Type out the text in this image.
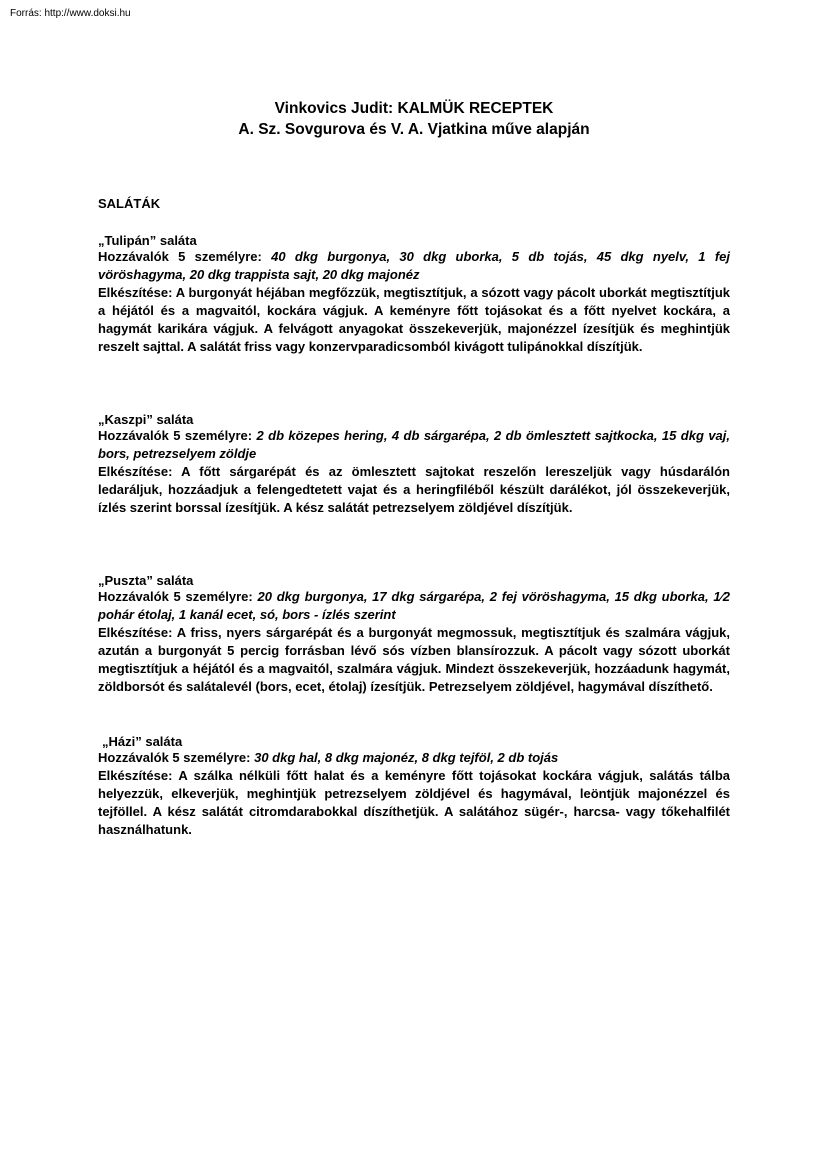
Forrás: http://www.doksi.hu
Vinkovics Judit: KALMÜK RECEPTEK
A. Sz. Sovgurova és V. A. Vjatkina műve alapján
SALÁTÁK
„Tulipán” saláta

Hozzávalók 5 személyre: 40 dkg burgonya, 30 dkg uborka, 5 db tojás, 45 dkg nyelv, 1 fej vöröshagyma, 20 dkg trappista sajt, 20 dkg majonéz

Elkészítése: A burgonyát héjában megfőzzük, megtisztítjuk, a sózott vagy pácolt uborkát megtisztítjuk a héjától és a magvaitól, kockára vágjuk. A keményre főtt tojásokat és a főtt nyelvet kockára, a hagymát karikára vágjuk. A felvágott anyagokat összekeverjük, majonézzel ízesítjük és meghintjük reszelt sajttal. A salátát friss vagy konzervparadicsomból kivágott tulipánokkal díszítjük.

„Kaszpi” saláta

Hozzávalók 5 személyre: 2 db közepes hering, 4 db sárgarépa, 2 db ömlesztett sajtkocka, 15 dkg vaj, bors, petrezselyem zöldje

Elkészítése: A főtt sárgarépát és az ömlesztett sajtokat reszelőn lereszeljük vagy húsdarálón ledaráljuk, hozzáadjuk a felengedtetett vajat és a heringfiléből készült darálékot, jól összekeverjük, ízlés szerint borssal ízesítjük. A kész salátát petrezselyem zöldjével díszítjük.

„Puszta” saláta

Hozzávalók 5 személyre: 20 dkg burgonya, 17 dkg sárgarépa, 2 fej vöröshagyma, 15 dkg uborka, 1⁄2 pohár étolaj, 1 kanál ecet, só, bors - ízlés szerint

Elkészítése: A friss, nyers sárgarépát és a burgonyát megmossuk, megtisztítjuk és szalmára vágjuk, azután a burgonyát 5 percig forrásban lévő sós vízben blansírozzuk. A pácolt vagy sózott uborkát megtisztítjuk a héjától és a magvaitól, szalmára vágjuk. Mindezt összekeverjük, hozzáadunk hagymát, zöldborsót és salátalevél (bors, ecet, étolaj) ízesítjük. Petrezselyem zöldjével, hagymával díszíthető.

„Házi” saláta

Hozzávalók 5 személyre: 30 dkg hal, 8 dkg majonéz, 8 dkg tejföl, 2 db tojás

Elkészítése: A szálka nélküli főtt halat és a keményre főtt tojásokat kockára vágjuk, salátás tálba helyezzük, elkeverjük, meghintjük petrezselyem zöldjével és hagymával, leöntjük majonézzel és tejföllel. A kész salátát citromdarabokkal díszíthetjük. A salátához sügér-, harcsa- vagy tőkehalfilét használhatunk.
